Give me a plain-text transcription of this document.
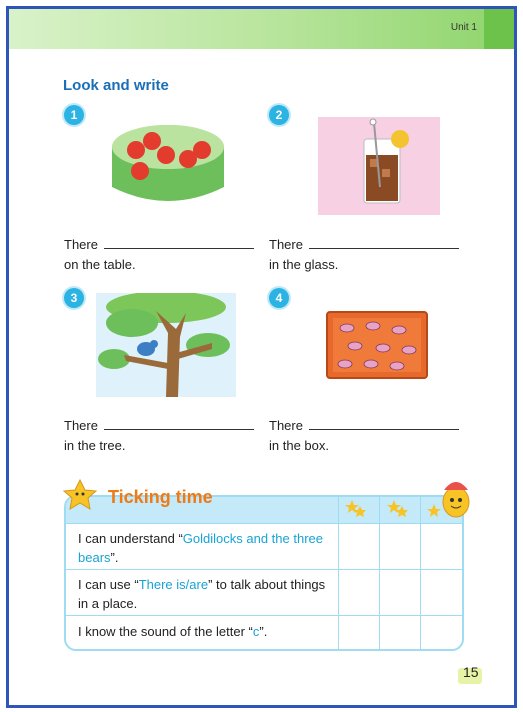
Unit 1
Look and write
1
There
on the table.
2
There
in the glass.
3
There
in the tree.
4
There
in the box.
I can understand “Goldilocks and the three bears”.
I can use “There is/are” to talk about things in a place.
I know the sound of the letter “c”.
Ticking time
15
